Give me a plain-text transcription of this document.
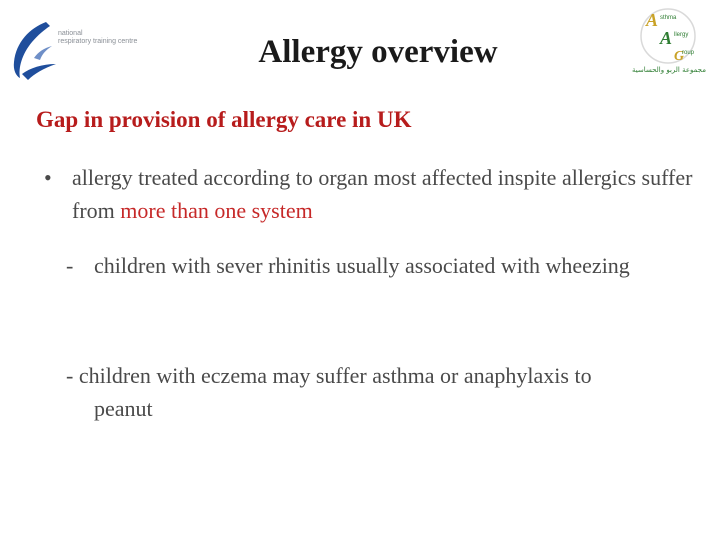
national
respiratory training centre
A
A
G
sthma
llergy
roup
مجموعة الربو والحساسية
Allergy overview
Gap in provision of allergy care in UK
• allergy treated according to organ most affected inspite allergics suffer from more than one system
- children with sever rhinitis usually associated with wheezing
- children with eczema may suffer asthma or anaphylaxis to
peanut
